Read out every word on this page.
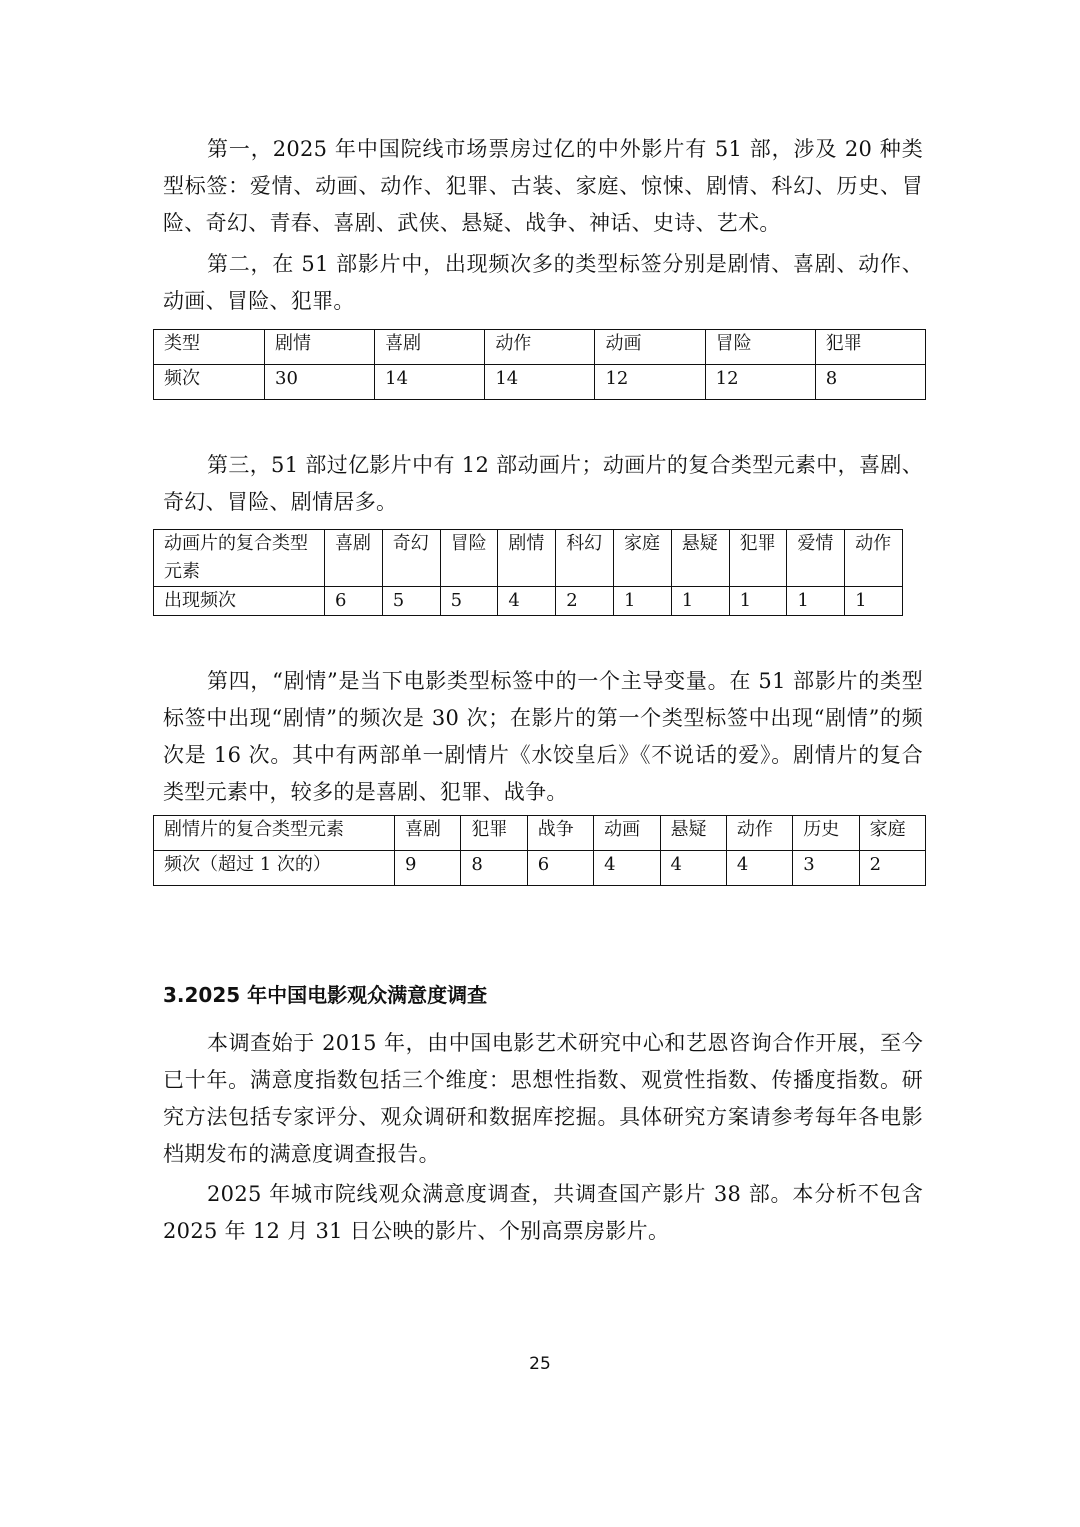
第一，2025 年中国院线市场票房过亿的中外影片有 51 部，涉及 20 种类型标签：爱情、动画、动作、犯罪、古装、家庭、惊悚、剧情、科幻、历史、冒险、奇幻、青春、喜剧、武侠、悬疑、战争、神话、史诗、艺术。

第二，在 51 部影片中，出现频次多的类型标签分别是剧情、喜剧、动作、动画、冒险、犯罪。

类型	剧情	喜剧	动作	动画	冒险	犯罪
频次	30	14	14	12	12	8

第三，51 部过亿影片中有 12 部动画片；动画片的复合类型元素中，喜剧、奇幻、冒险、剧情居多。

动画片的复合类型元素	喜剧	奇幻	冒险	剧情	科幻	家庭	悬疑	犯罪	爱情	动作
出现频次	6	5	5	4	2	1	1	1	1	1

第四，“剧情”是当下电影类型标签中的一个主导变量。在 51 部影片的类型标签中出现“剧情”的频次是 30 次；在影片的第一个类型标签中出现“剧情”的频次是 16 次。其中有两部单一剧情片《水饺皇后》《不说话的爱》。剧情片的复合类型元素中，较多的是喜剧、犯罪、战争。

剧情片的复合类型元素	喜剧	犯罪	战争	动画	悬疑	动作	历史	家庭
频次（超过 1 次的）	9	8	6	4	4	4	3	2
3.2025 年中国电影观众满意度调查

本调查始于 2015 年，由中国电影艺术研究中心和艺恩咨询合作开展，至今已十年。满意度指数包括三个维度：思想性指数、观赏性指数、传播度指数。研究方法包括专家评分、观众调研和数据库挖掘。具体研究方案请参考每年各电影档期发布的满意度调查报告。

2025 年城市院线观众满意度调查，共调查国产影片 38 部。本分析不包含 2025 年 12 月 31 日公映的影片、个别高票房影片。

25
